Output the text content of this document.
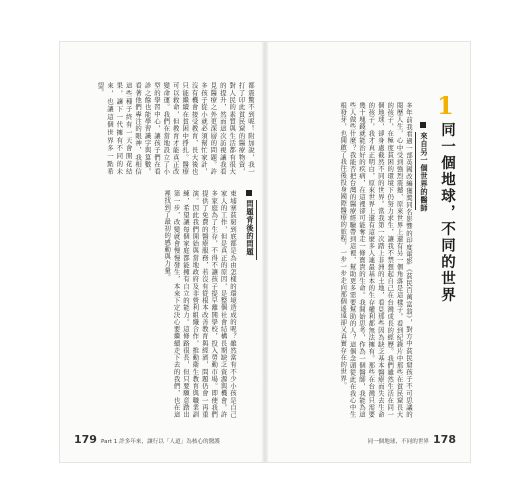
都震驚不到呢！附加說，我一打了印此貧民窟的醫療物資，對人民的素質與生活都有很大的提升，然而這次訪視讓我看見醫療之外更深層的問題。許多孩子從小就必須幫忙家計，沒有機會接受教育，長大後也只能繼續在貧困中掙扎。醫療可以救命，但教育才能真正改變命運。我們在當地設立了小型的學習中心，讓孩子們在看診之餘也能學習識字與算數。看著他們專注的眼神，我相信這些種子終有一天會開花結果，讓下一代擁有不同的未來，也讓這個世界多一點希望。
問題背後的問題
東埔寨貧窮到底都是為由怎樣的環境造成的呢？雖然當有不少小孩是自己家人的工作，但是真正的原因，是整個社會結構長期缺乏資源與機會。許多家庭為了生存，不得不讓孩子提早離開學校，投入勞動市場。即使我們提供了免費的醫療服務，若沒有從根本改善教育與經濟，問題仍會一再重演。因此我們開始與當地政府及非營利組織合作，推動衛生教育與職業訓練，希望讓每個家庭都能擁有自立的能力。這條路很長，但只要願意踏出第一步，改變就會慢慢發生，本來下定決心要繼續走下去的我們，也在這裡找到了最初的感動與力量。
179 Part 1 許多年來，讓行以「人道」為核心的醫護
1
同一個地球，不同的世界
來自另一個世界的醫師
多年前我看過一部英國改編獲獎同名影響的印度電影《貧民百萬富翁》，對方中貧民窟孩子不可思議的閱歷人生，心中受到強烈震撼，原來世界上還有另一個角落是這樣子。看到紀錄片中那些在貧民窟長大的孩子，在極度貧困的環境下仍努力求生，讓我不禁想起自己在台灣成長的經歷。我們雖然生活在同一個地球，卻身處截然不同的世界。當我第一次踏上非洲的土地，看見那些因為缺乏基本醫療而失去生命的孩子，我才真正明白，原來世界上還有這麼多人連最基本的生存權利都無法擁有。那些在台灣只需要幾十塊錢就能治好的疾病，在這裡卻可能奪走一條寶貴的生命。我開始思考，作為一個醫師，我能為這些人做些什麼？我能否把台灣的醫療經驗帶到這裡，幫助更多需要幫助的人？這個念頭從此在我心中生根發芽，也開啟了我往後投身國際醫療的旅程，一步一步走向那個遙遠卻又真實存在的世界。
同一個地球，不同的世界 178
